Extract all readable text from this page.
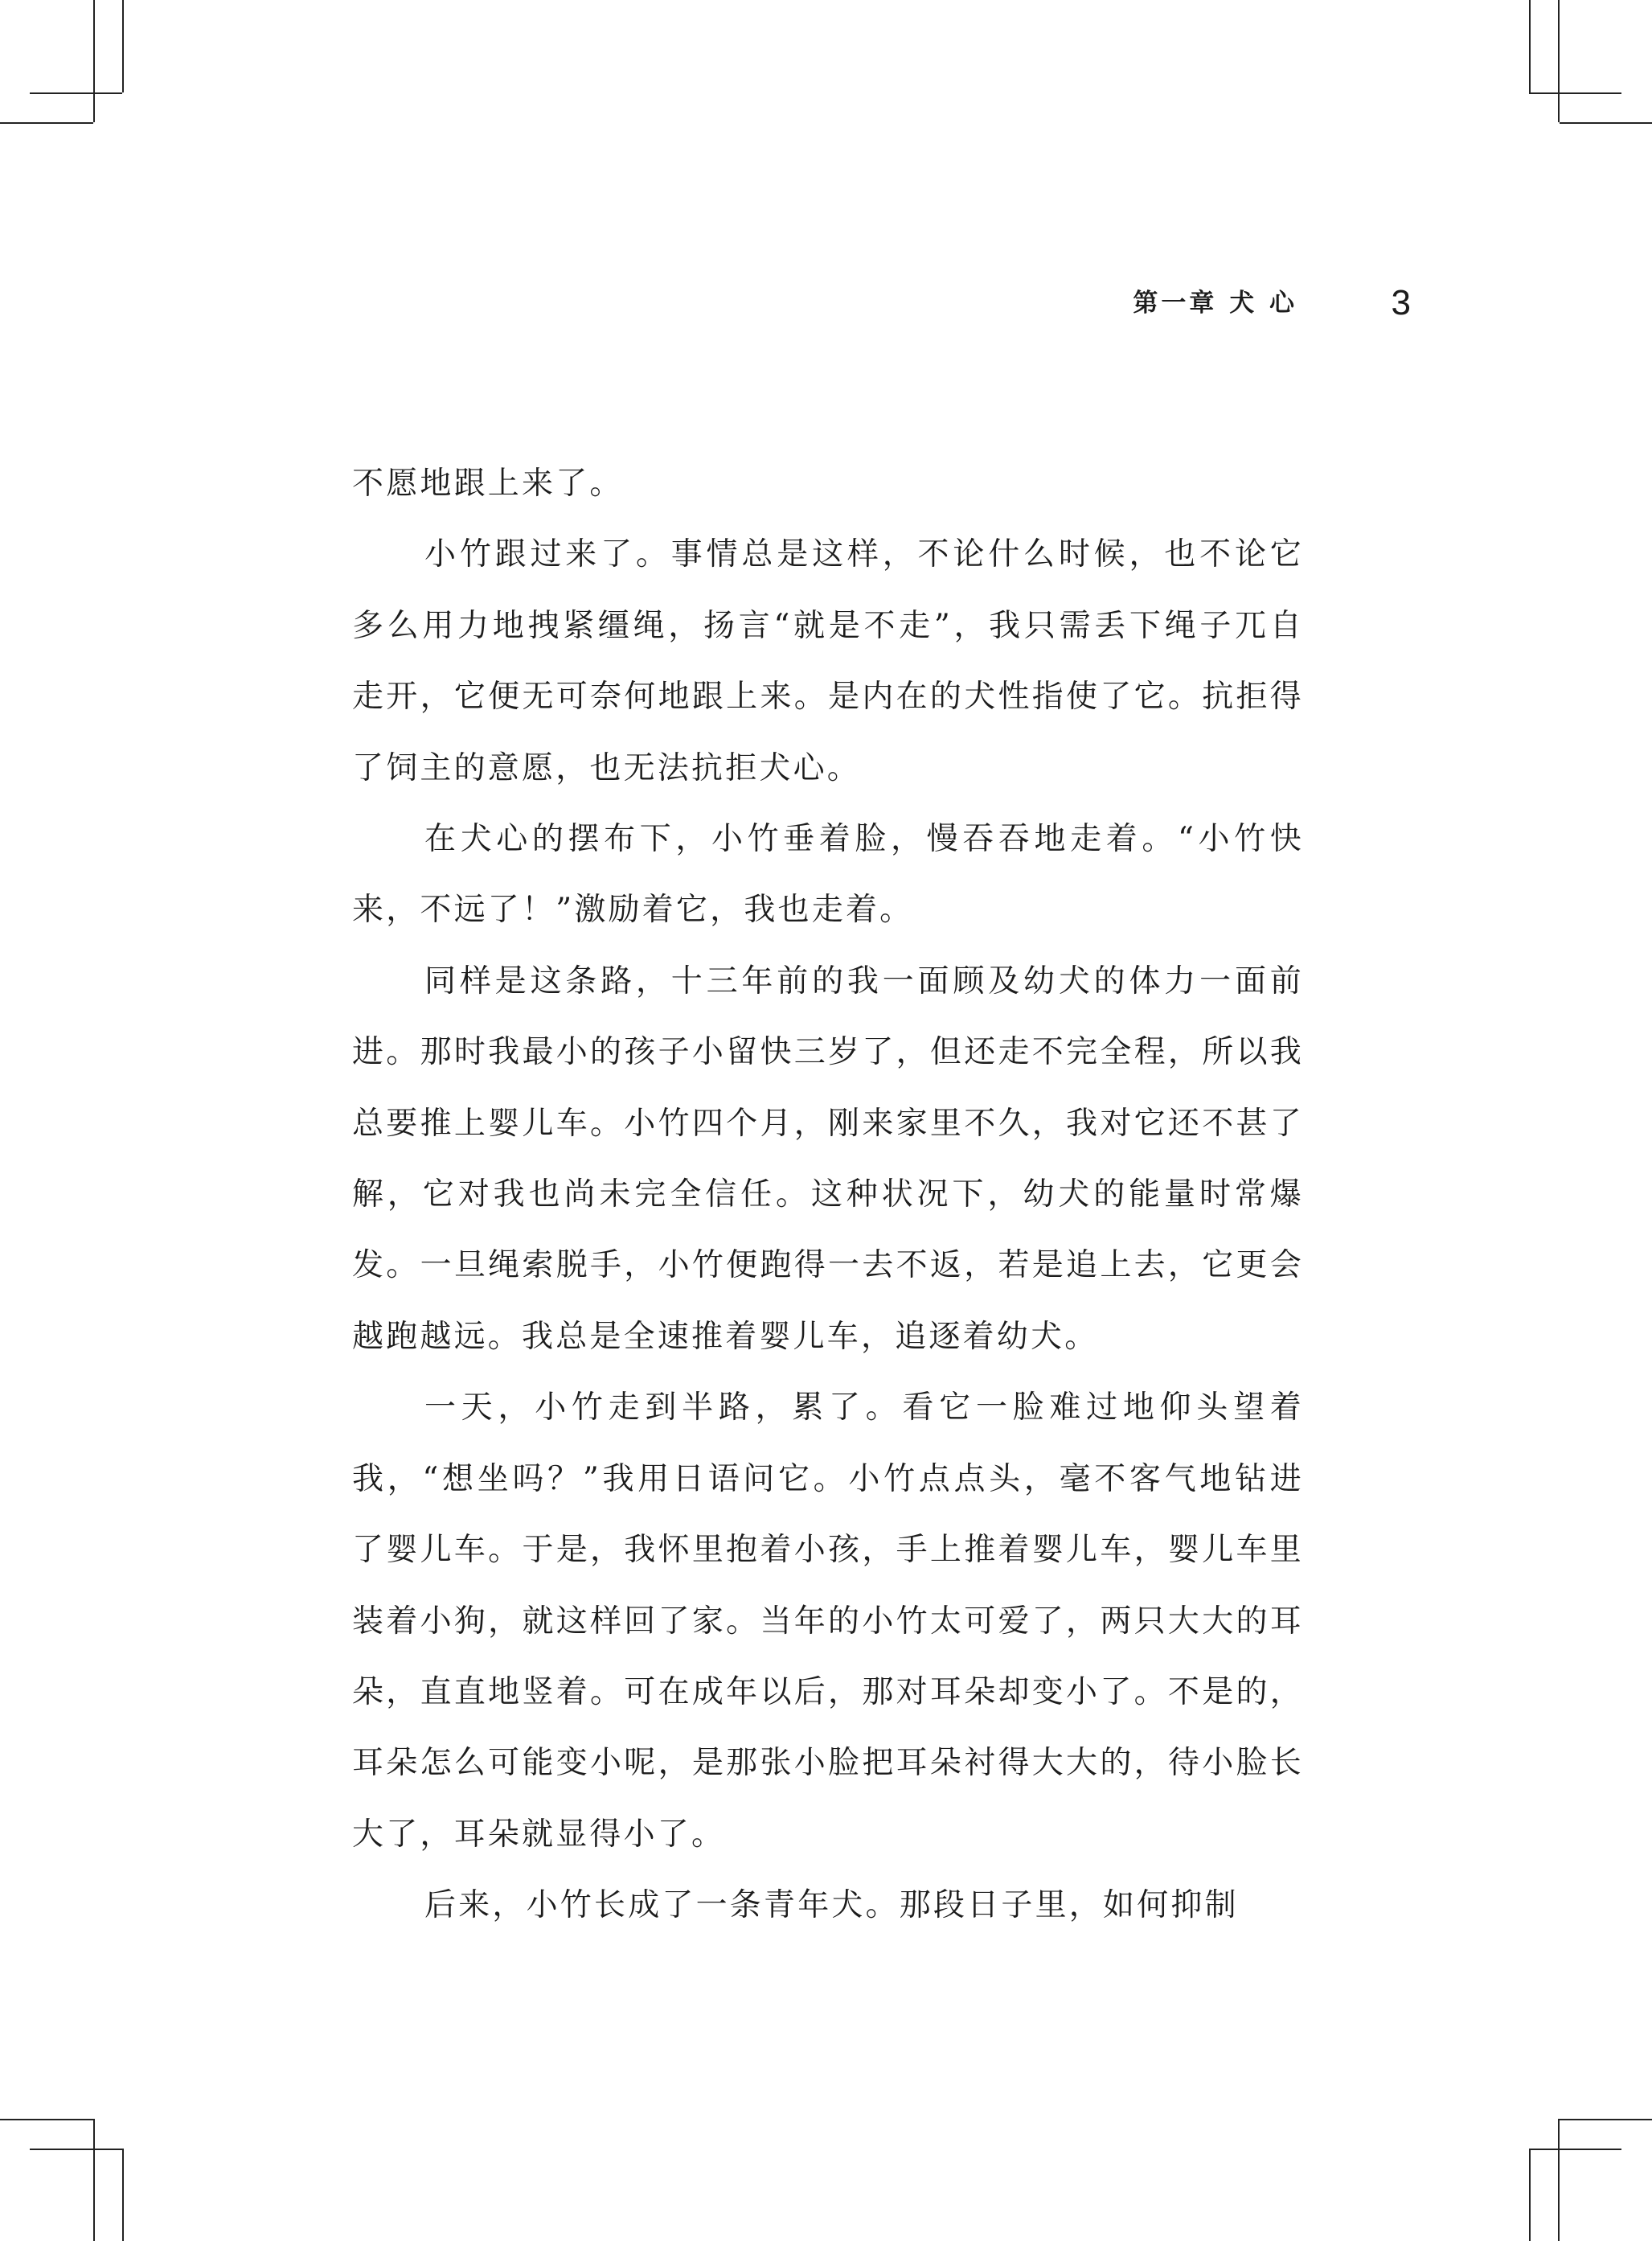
第一章 犬 心	3

不愿地跟上来了。

小竹跟过来了。事情总是这样，不论什么时候，也不论它多么用力地拽紧缰绳，扬言“就是不走”，我只需丢下绳子兀自走开，它便无可奈何地跟上来。是内在的犬性指使了它。抗拒得了饲主的意愿，也无法抗拒犬心。

在犬心的摆布下，小竹垂着脸，慢吞吞地走着。“小竹快来，不远了！”激励着它，我也走着。

同样是这条路，十三年前的我一面顾及幼犬的体力一面前进。那时我最小的孩子小留快三岁了，但还走不完全程，所以我总要推上婴儿车。小竹四个月，刚来家里不久，我对它还不甚了解，它对我也尚未完全信任。这种状况下，幼犬的能量时常爆发。一旦绳索脱手，小竹便跑得一去不返，若是追上去，它更会越跑越远。我总是全速推着婴儿车，追逐着幼犬。

一天，小竹走到半路，累了。看它一脸难过地仰头望着我，“想坐吗？”我用日语问它。小竹点点头，毫不客气地钻进了婴儿车。于是，我怀里抱着小孩，手上推着婴儿车，婴儿车里装着小狗，就这样回了家。当年的小竹太可爱了，两只大大的耳朵，直直地竖着。可在成年以后，那对耳朵却变小了。不是的，耳朵怎么可能变小呢，是那张小脸把耳朵衬得大大的，待小脸长大了，耳朵就显得小了。

后来，小竹长成了一条青年犬。那段日子里，如何抑制
